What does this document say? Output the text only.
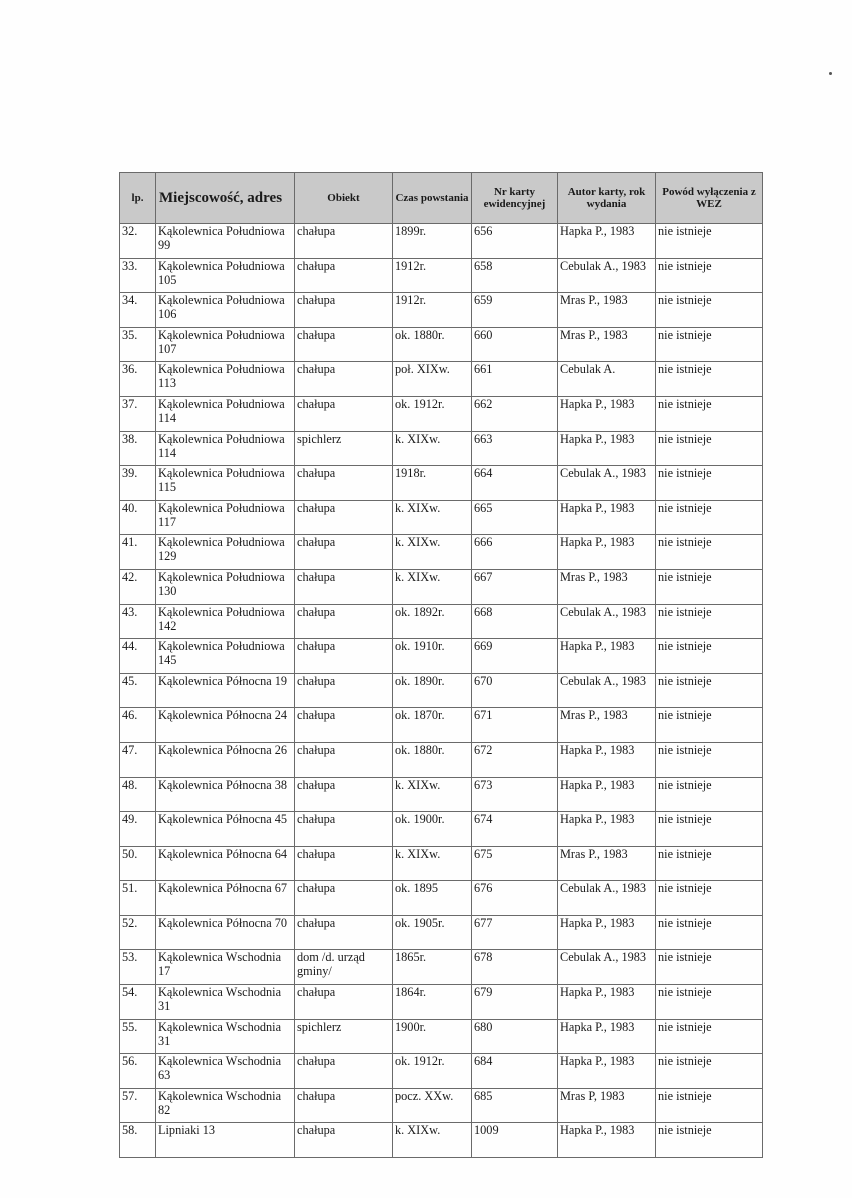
lp.	Miejscowość, adres	Obiekt	Czas powstania	Nr karty ewidencyjnej	Autor karty, rok wydania	Powód wyłączenia z WEZ
32.	Kąkolewnica Południowa 99	chałupa	1899r.	656	Hapka P., 1983	nie istnieje
33.	Kąkolewnica Południowa 105	chałupa	1912r.	658	Cebulak A., 1983	nie istnieje
34.	Kąkolewnica Południowa 106	chałupa	1912r.	659	Mras P., 1983	nie istnieje
35.	Kąkolewnica Południowa 107	chałupa	ok. 1880r.	660	Mras P., 1983	nie istnieje
36.	Kąkolewnica Południowa 113	chałupa	poł. XIXw.	661	Cebulak A.	nie istnieje
37.	Kąkolewnica Południowa 114	chałupa	ok. 1912r.	662	Hapka P., 1983	nie istnieje
38.	Kąkolewnica Południowa 114	spichlerz	k. XIXw.	663	Hapka P., 1983	nie istnieje
39.	Kąkolewnica Południowa 115	chałupa	1918r.	664	Cebulak A., 1983	nie istnieje
40.	Kąkolewnica Południowa 117	chałupa	k. XIXw.	665	Hapka P., 1983	nie istnieje
41.	Kąkolewnica Południowa 129	chałupa	k. XIXw.	666	Hapka P., 1983	nie istnieje
42.	Kąkolewnica Południowa 130	chałupa	k. XIXw.	667	Mras P., 1983	nie istnieje
43.	Kąkolewnica Południowa 142	chałupa	ok. 1892r.	668	Cebulak A., 1983	nie istnieje
44.	Kąkolewnica Południowa 145	chałupa	ok. 1910r.	669	Hapka P., 1983	nie istnieje
45.	Kąkolewnica Północna 19	chałupa	ok. 1890r.	670	Cebulak A., 1983	nie istnieje
46.	Kąkolewnica Północna 24	chałupa	ok. 1870r.	671	Mras P., 1983	nie istnieje
47.	Kąkolewnica Północna 26	chałupa	ok. 1880r.	672	Hapka P., 1983	nie istnieje
48.	Kąkolewnica Północna 38	chałupa	k. XIXw.	673	Hapka P., 1983	nie istnieje
49.	Kąkolewnica Północna 45	chałupa	ok. 1900r.	674	Hapka P., 1983	nie istnieje
50.	Kąkolewnica Północna 64	chałupa	k. XIXw.	675	Mras P., 1983	nie istnieje
51.	Kąkolewnica Północna 67	chałupa	ok. 1895	676	Cebulak A., 1983	nie istnieje
52.	Kąkolewnica Północna 70	chałupa	ok. 1905r.	677	Hapka P., 1983	nie istnieje
53.	Kąkolewnica Wschodnia 17	dom /d. urząd gminy/	1865r.	678	Cebulak A., 1983	nie istnieje
54.	Kąkolewnica Wschodnia 31	chałupa	1864r.	679	Hapka P., 1983	nie istnieje
55.	Kąkolewnica Wschodnia 31	spichlerz	1900r.	680	Hapka P., 1983	nie istnieje
56.	Kąkolewnica Wschodnia 63	chałupa	ok. 1912r.	684	Hapka P., 1983	nie istnieje
57.	Kąkolewnica Wschodnia 82	chałupa	pocz. XXw.	685	Mras P, 1983	nie istnieje
58.	Lipniaki 13	chałupa	k. XIXw.	1009	Hapka P., 1983	nie istnieje
